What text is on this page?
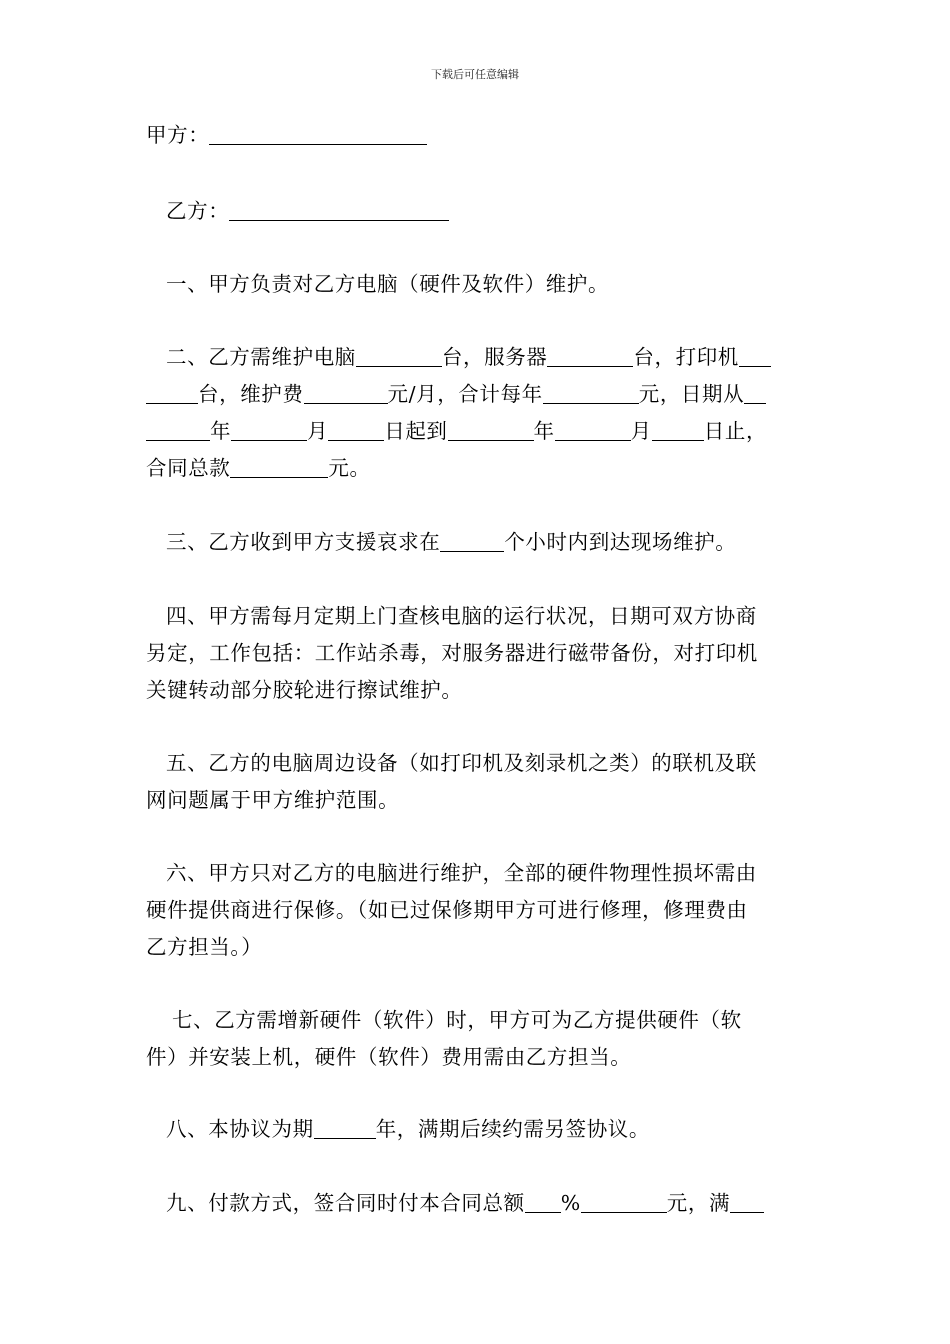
下载后可任意编辑
甲方：
乙方：
一、甲方负责对乙方电脑（硬件及软件）维护。
二、乙方需维护电脑	台，服务器	台，打印机
台，维护费	元/月，合计每年	元，日期从
年	月	日起到	年	月	日止，
合同总款	元。
三、乙方收到甲方支援哀求在	个小时内到达现场维护。
四、甲方需每月定期上门查核电脑的运行状况，日期可双方协商
另定，工作包括：工作站杀毒，对服务器进行磁带备份，对打印机
关键转动部分胶轮进行擦试维护。
五、乙方的电脑周边设备（如打印机及刻录机之类）的联机及联
网问题属于甲方维护范围。
六、甲方只对乙方的电脑进行维护，全部的硬件物理性损坏需由
硬件提供商进行保修。（如已过保修期甲方可进行修理，修理费由
乙方担当。）
七、乙方需增新硬件（软件）时，甲方可为乙方提供硬件（软
件）并安装上机，硬件（软件）费用需由乙方担当。
八、本协议为期	年，满期后续约需另签协议。
九、付款方式，签合同时付本合同总额 %	元，满
